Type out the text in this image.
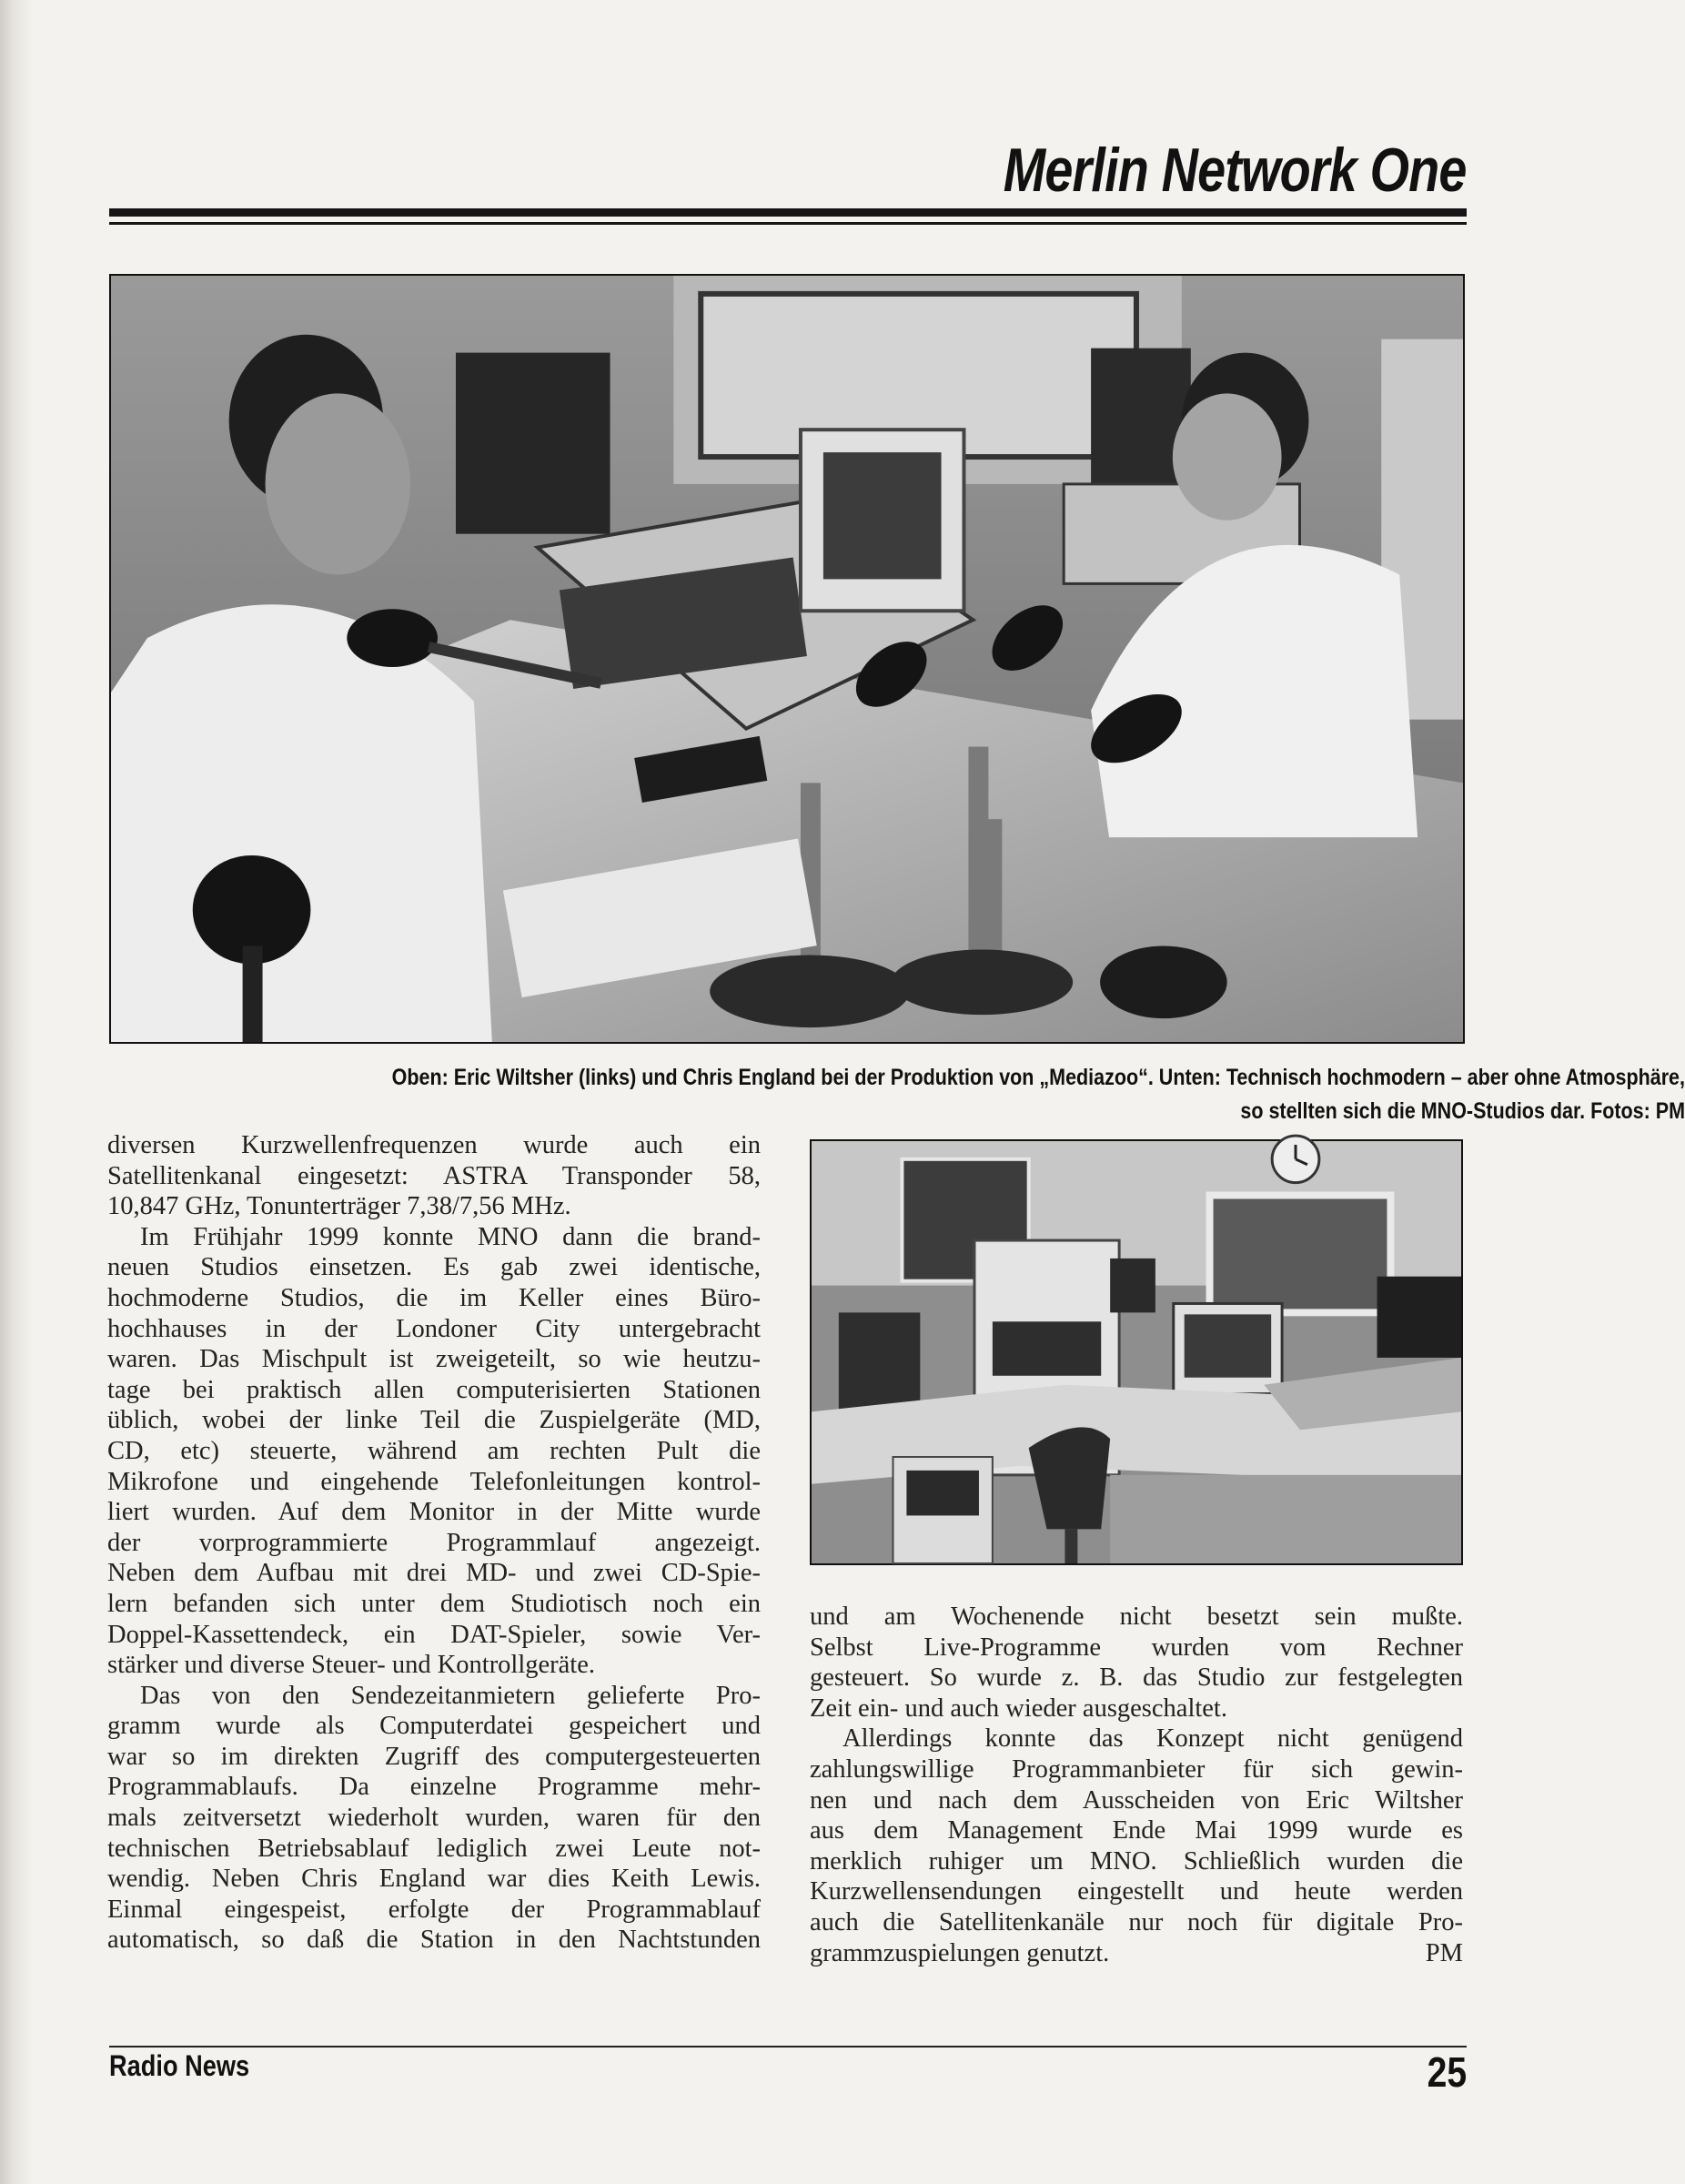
Merlin Network One
Oben: Eric Wiltsher (links) und Chris England bei der Produktion von „Mediazoo“. Unten: Technisch hochmodern – aber ohne Atmosphäre,
so stellten sich die MNO-Studios dar. Fotos: PM

diversen Kurzwellenfrequenzen wurde auch ein

Satellitenkanal eingesetzt: ASTRA Transponder 58,

10,847 GHz, Tonunterträger 7,38/7,56 MHz.

Im Frühjahr 1999 konnte MNO dann die brand-

neuen Studios einsetzen. Es gab zwei identische,

hochmoderne Studios, die im Keller eines Büro-

hochhauses in der Londoner City untergebracht

waren. Das Mischpult ist zweigeteilt, so wie heutzu-

tage bei praktisch allen computerisierten Stationen

üblich, wobei der linke Teil die Zuspielgeräte (MD,

CD, etc) steuerte, während am rechten Pult die

Mikrofone und eingehende Telefonleitungen kontrol-

liert wurden. Auf dem Monitor in der Mitte wurde

der vorprogrammierte Programmlauf angezeigt.

Neben dem Aufbau mit drei MD- und zwei CD-Spie-

lern befanden sich unter dem Studiotisch noch ein

Doppel-Kassettendeck, ein DAT-Spieler, sowie Ver-

stärker und diverse Steuer- und Kontrollgeräte.

Das von den Sendezeitanmietern gelieferte Pro-

gramm wurde als Computerdatei gespeichert und

war so im direkten Zugriff des computergesteuerten

Programmablaufs. Da einzelne Programme mehr-

mals zeitversetzt wiederholt wurden, waren für den

technischen Betriebsablauf lediglich zwei Leute not-

wendig. Neben Chris England war dies Keith Lewis.

Einmal eingespeist, erfolgte der Programmablauf

automatisch, so daß die Station in den Nachtstunden

und am Wochenende nicht besetzt sein mußte.

Selbst Live-Programme wurden vom Rechner

gesteuert. So wurde z. B. das Studio zur festgelegten

Zeit ein- und auch wieder ausgeschaltet.

Allerdings konnte das Konzept nicht genügend

zahlungswillige Programmanbieter für sich gewin-

nen und nach dem Ausscheiden von Eric Wiltsher

aus dem Management Ende Mai 1999 wurde es

merklich ruhiger um MNO. Schließlich wurden die

Kurzwellensendungen eingestellt und heute werden

auch die Satellitenkanäle nur noch für digitale Pro-

grammzuspielungen genutzt.	PM

Radio News	25
